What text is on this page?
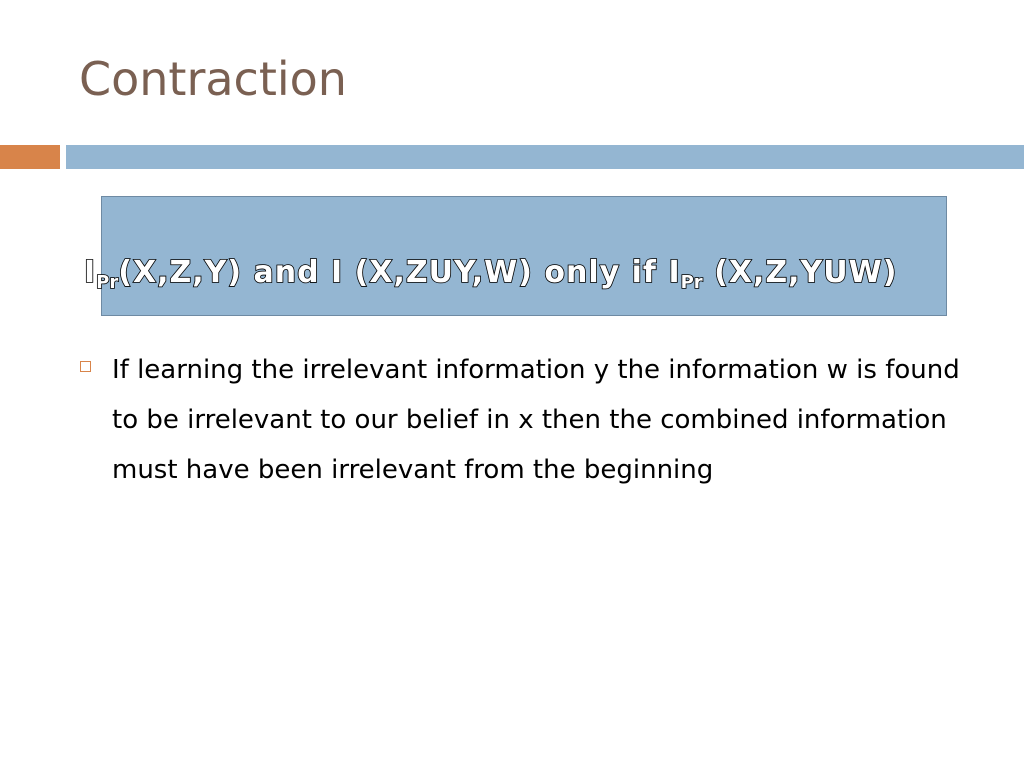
Contraction
$I_{Pr}(X,Z,Y)$ and I (X,ZUY,W) only if $I_{Pr}$ (X,Z,YUW)

If learning the irrelevant information y the information w is found to be irrelevant to our belief in x then the combined information must have been irrelevant from the beginning
